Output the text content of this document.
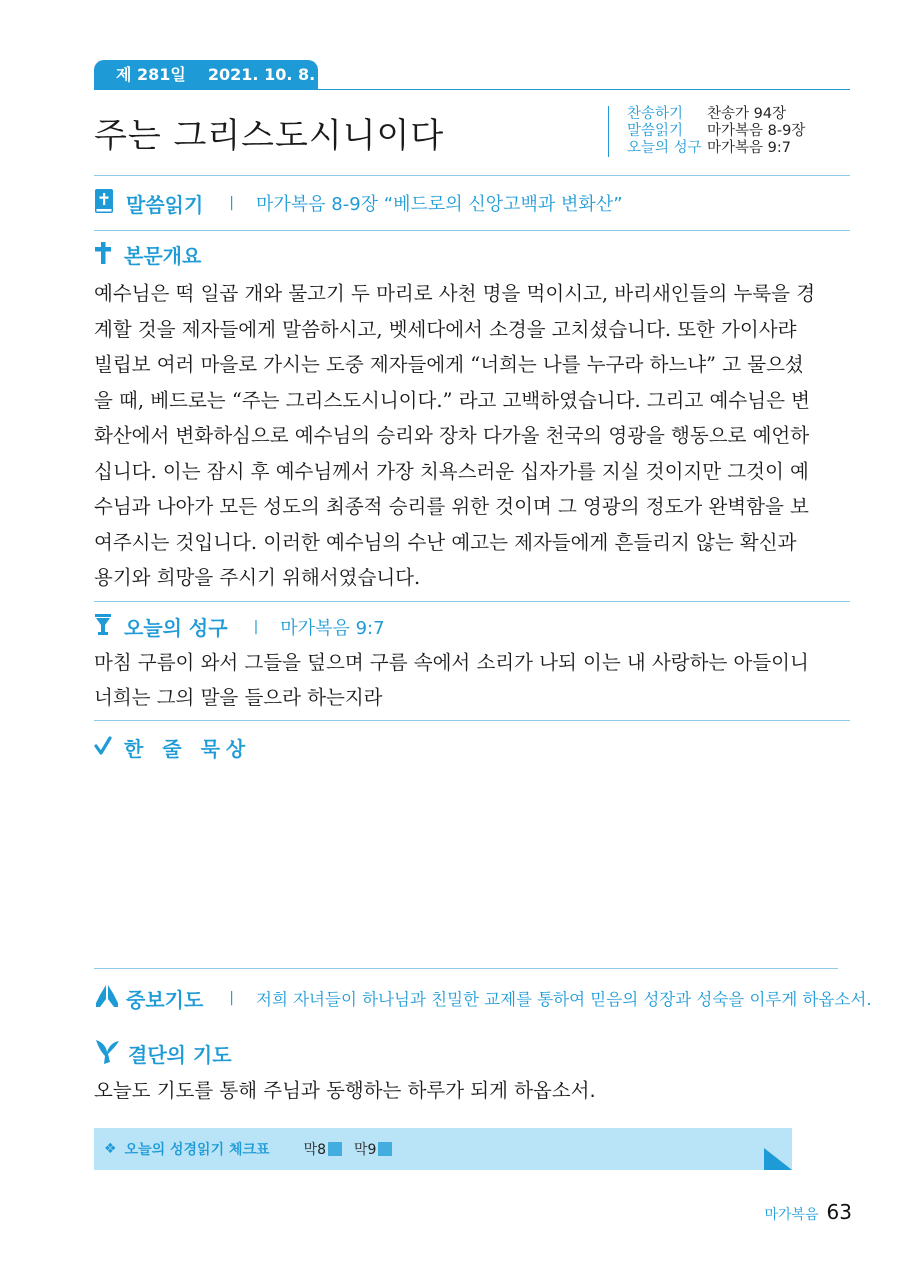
제 281일 2021. 10. 8. 금
주는 그리스도시니이다
찬송하기	찬송가 94장
말씀읽기	마가복음 8-9장
오늘의 성구 마가복음 9:7
말씀읽기 | 마가복음 8-9장 “베드로의 신앙고백과 변화산”
본문개요
예수님은 떡 일곱 개와 물고기 두 마리로 사천 명을 먹이시고, 바리새인들의 누룩을 경
계할 것을 제자들에게 말씀하시고, 벳세다에서 소경을 고치셨습니다. 또한 가이사랴
빌립보 여러 마을로 가시는 도중 제자들에게 “너희는 나를 누구라 하느냐” 고 물으셨
을 때, 베드로는 “주는 그리스도시니이다.” 라고 고백하였습니다. 그리고 예수님은 변
화산에서 변화하심으로 예수님의 승리와 장차 다가올 천국의 영광을 행동으로 예언하
십니다. 이는 잠시 후 예수님께서 가장 치욕스러운 십자가를 지실 것이지만 그것이 예
수님과 나아가 모든 성도의 최종적 승리를 위한 것이며 그 영광의 정도가 완벽함을 보
여주시는 것입니다. 이러한 예수님의 수난 예고는 제자들에게 흔들리지 않는 확신과
용기와 희망을 주시기 위해서였습니다.
오늘의 성구 | 마가복음 9:7
마침 구름이 와서 그들을 덮으며 구름 속에서 소리가 나되 이는 내 사랑하는 아들이니
너희는 그의 말을 들으라 하는지라
한 줄 묵상
중보기도 | 저희 자녀들이 하나님과 친밀한 교제를 통하여 믿음의 성장과 성숙을 이루게 하옵소서.
결단의 기도
오늘도 기도를 통해 주님과 동행하는 하루가 되게 하옵소서.
❖ 오늘의 성경읽기 체크표 막8 막9
마가복음 63
